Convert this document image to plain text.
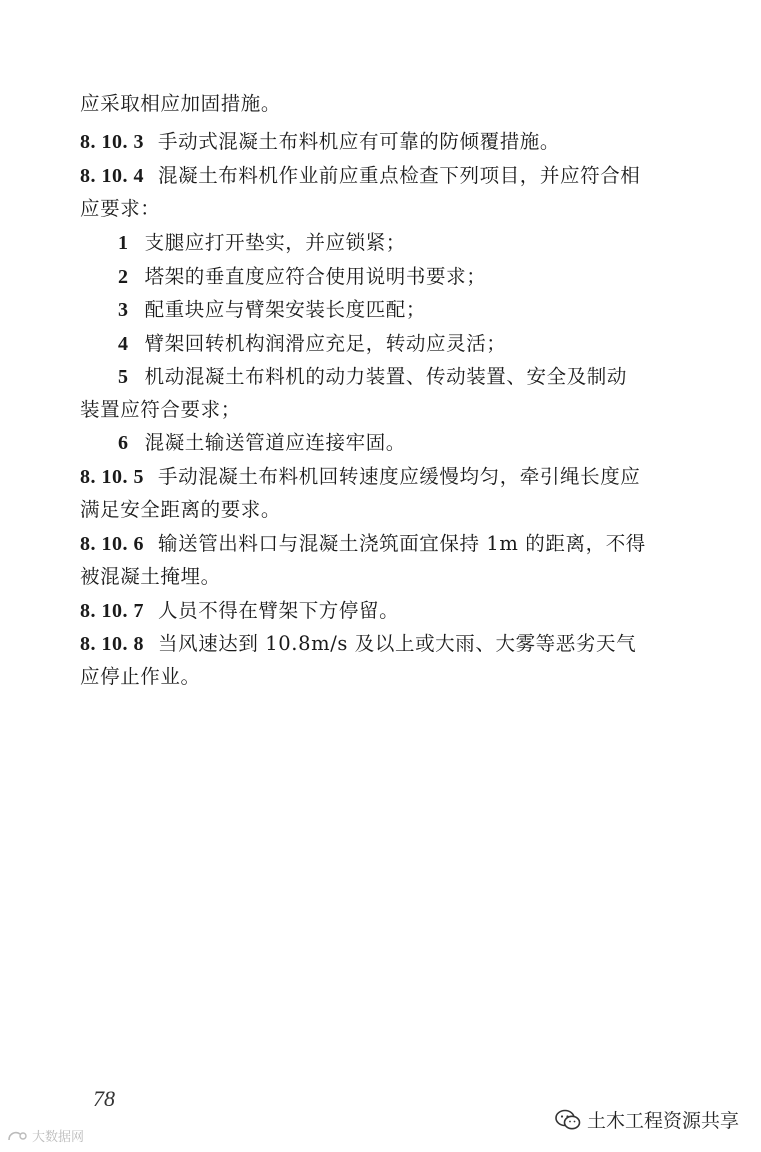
应采取相应加固措施。
8. 10. 3 手动式混凝土布料机应有可靠的防倾覆措施。
8. 10. 4 混凝土布料机作业前应重点检查下列项目，并应符合相
应要求：
1 支腿应打开垫实，并应锁紧；
2 塔架的垂直度应符合使用说明书要求；
3 配重块应与臂架安装长度匹配；
4 臂架回转机构润滑应充足，转动应灵活；
5 机动混凝土布料机的动力装置、传动装置、安全及制动
装置应符合要求；
6 混凝土输送管道应连接牢固。
8. 10. 5 手动混凝土布料机回转速度应缓慢均匀，牵引绳长度应
满足安全距离的要求。
8. 10. 6 输送管出料口与混凝土浇筑面宜保持 1m 的距离，不得
被混凝土掩埋。
8. 10. 7 人员不得在臂架下方停留。
8. 10. 8 当风速达到 10.8m/s 及以上或大雨、大雾等恶劣天气
应停止作业。
78
土木工程资源共享
大数据网
